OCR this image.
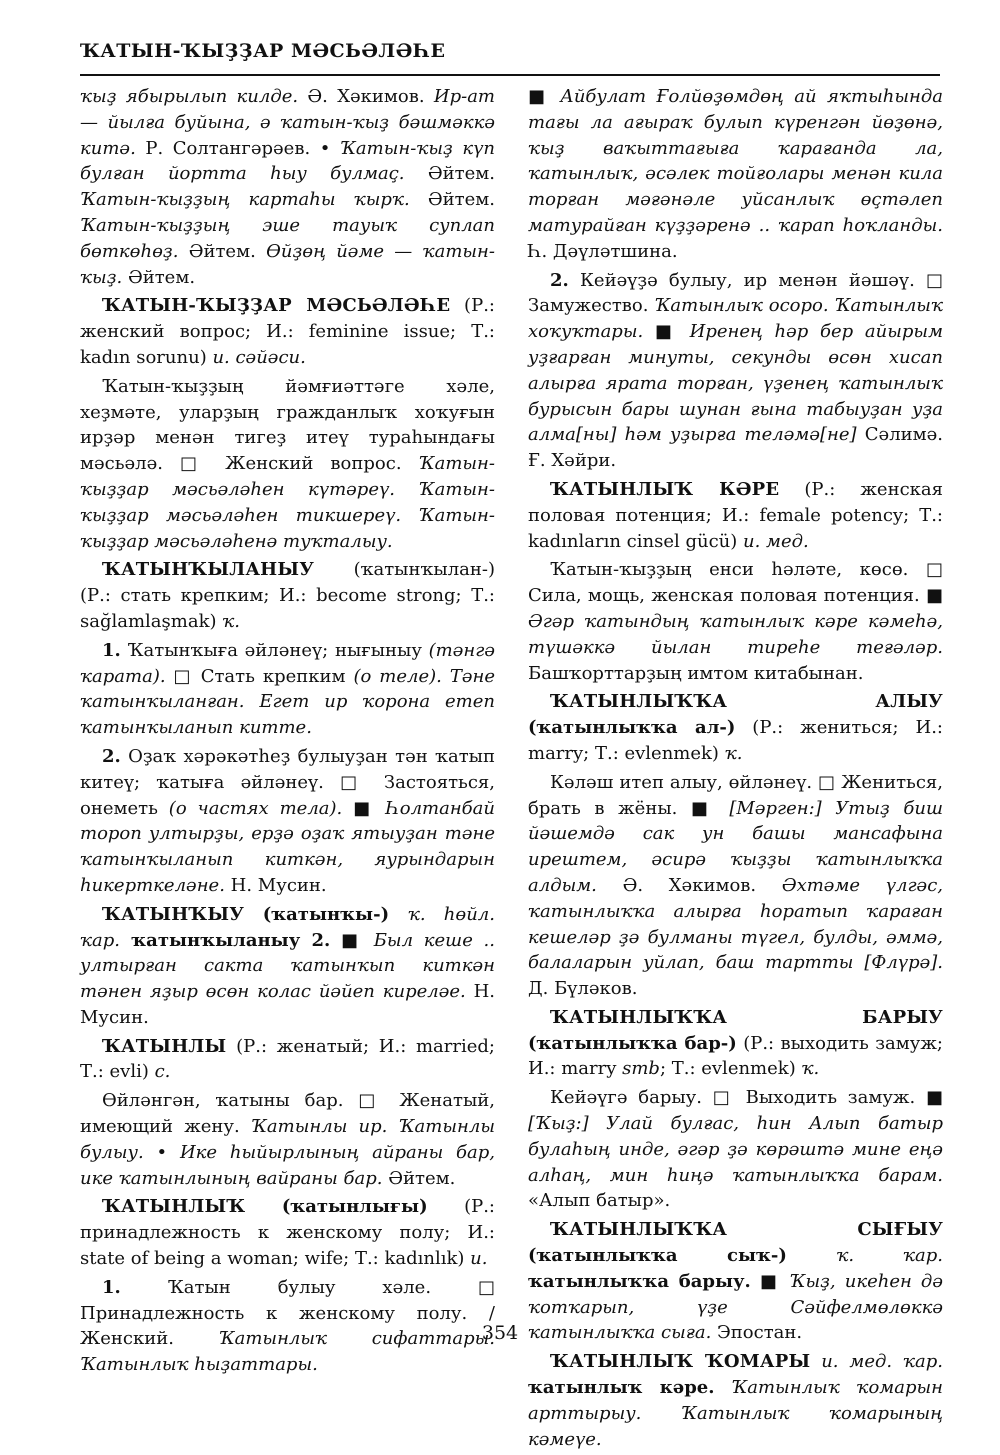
ҠАТЫН-ҠЫҘҘАР МӘСЬӘЛӘҺЕ

ҡыҙ ябырылып килде. Ә. Хәкимов. Ир-ат — йылға буйына, ә ҡатын-ҡыҙ бәшмәккә китә. Р. Солтангәрәев. • Ҡатын-ҡыҙ күп булған йортта һыу булмаҫ. Әйтем. Ҡатын-ҡыҙҙың картаһы ҡырҡ. Әйтем. Ҡатын-ҡыҙҙың эше тауыҡ суплап бөткөһөҙ. Әйтем. Өйҙөң йәме — ҡатын-ҡыҙ. Әйтем.

ҠАТЫН-ҠЫҘҘАР МӘСЬӘЛӘҺЕ (Р.: женский вопрос; И.: feminine issue; Т.: kadın sorunu) и. сәйәси.

Ҡатын-ҡыҙҙың йәмғиәттәге хәле, хеҙмәте, уларҙың гражданлыҡ хоҡуғын ирҙәр менән тигеҙ итеү тураһындағы мәсьәлә. □ Женский вопрос. Ҡатын-ҡыҙҙар мәсьәләһен күтәреү. Ҡатын-ҡыҙҙар мәсьәләһен тикшереү. Ҡатын-ҡыҙҙар мәсьәләһенә туҡталыу.

ҠАТЫНҠЫЛАНЫУ (ҡатынҡылан-) (Р.: стать крепким; И.: become strong; Т.: sağlamlaşmak) ҡ.

1. Ҡатынҡыға әйләнеү; нығыныу (тәнгә ҡарата). □ Стать крепким (о теле). Тәне ҡатынҡыланған. Егет ир ҡорона етеп ҡатынҡыланып китте.

2. Оҙаҡ хәрәкәтһеҙ булыуҙан тән ҡатып китеү; ҡатыға әйләнеү. □ Застояться, онеметь (о частях тела). ■ Һолтанбай тороп ултырҙы, ерҙә оҙаҡ ятыуҙан тәне ҡатынҡыланып киткән, яурындарын һикерткеләне. Н. Мусин.

ҠАТЫНҠЫУ (ҡатынҡы-) ҡ. һөйл. ҡар. ҡатынҡыланыу 2. ■ Был кеше .. ултырған сакта ҡатынҡып киткән тәнен яҙыр өсөн колас йәйеп киреләе. Н. Мусин.

ҠАТЫНЛЫ (Р.: женатый; И.: married; Т.: evli) с.

Өйләнгән, ҡатыны бар. □ Женатый, имеющий жену. Ҡатынлы ир. Ҡатынлы булыу. • Ике һыйырлының айраны бар, ике ҡатынлының вайраны бар. Әйтем.

ҠАТЫНЛЫҠ (ҡатынлығы) (Р.: принадлежность к женскому полу; И.: state of being a woman; wife; Т.: kadınlık) и.

1. Ҡатын булыу хәле. □ Принадлежность к женскому полу. / Женский. Ҡатынлыҡ сифаттары. Ҡатынлыҡ һыҙаттары.

■ Айбулат Ғолйөҙөмдөң ай яҡтыһында тағы ла ағыраҡ булып күренгән йөҙөнә, ҡыҙ ваҡыттағыға ҡарағанда ла, ҡатынлыҡ, әсәлек тойғолары менән кила торған мәғәнәле уйсанлыҡ өҫтәлеп матурайған күҙҙәренә .. ҡарап һоҡланды. Һ. Дәүләтшина.

2. Кейәүҙә булыу, ир менән йәшәү. □ Замужество. Ҡатынлыҡ осоро. Ҡатынлыҡ хоҡуҡтары. ■ Иренең һәр бер айырым уҙғарған минуты, секунды өсөн хисап алырға ярата торған, үҙенең ҡатынлыҡ бурысын бары шунан ғына табыуҙан уҙа алма[ны] һәм уҙырға теләмә[не] Сәлимә. Ғ. Хәйри.

ҠАТЫНЛЫҠ КӘРЕ (Р.: женская половая потенция; И.: female potency; Т.: kadınların cinsel gücü) и. мед.

Ҡатын-ҡыҙҙың енси һәләте, көсө. □ Сила, мощь, женская половая потенция. ■ Әгәр ҡатындың ҡатынлыҡ кәре кәмеһә, түшәккә йылан тиреһе теғәләр. Башҡорттарҙың имтом китабынан.

ҠАТЫНЛЫҠҠА АЛЫУ (ҡатынлыҡҡа ал-) (Р.: жениться; И.: marry; Т.: evlenmek) ҡ.

Кәләш итеп алыу, өйләнеү. □ Жениться, брать в жёны. ■ [Мәрген:] Утыҙ биш йәшемдә сак ун башы мансафына ирештем, әсирә ҡыҙҙы ҡатынлыҡҡа алдым. Ә. Хәкимов. Әхтәме үлгәс, ҡатынлыҡҡа алырға һоратып ҡараған кешеләр ҙә булманы түгел, булды, әммә, балаларын уйлап, баш тартты [Флүрә]. Д. Бүләков.

ҠАТЫНЛЫҠҠА БАРЫУ (ҡатынлыҡҡа бар-) (Р.: выходить замуж; И.: marry smb; Т.: evlenmek) ҡ.

Кейәүгә барыу. □ Выходить замуж. ■ [Ҡыҙ:] Улай булғас, һин Алып батыр булаһың инде, әгәр ҙә көрәштә мине еңә алһаң, мин һиңә ҡатынлыҡҡа барам. «Алып батыр».

ҠАТЫНЛЫҠҠА СЫҒЫУ (ҡатынлыҡҡа сыҡ-) ҡ. ҡар. ҡатынлыҡҡа барыу. ■ Ҡыҙ, икеһен дә ҡотҡарып, үҙе Сәйфелмөлөккә ҡатынлыҡҡа сыға. Эпостан.

ҠАТЫНЛЫҠ ҠОМАРЫ и. мед. ҡар. ҡатынлыҡ кәре. Ҡатынлыҡ ҡомарын арттырыу. Ҡатынлыҡ ҡомарының кәмеүе.

354
